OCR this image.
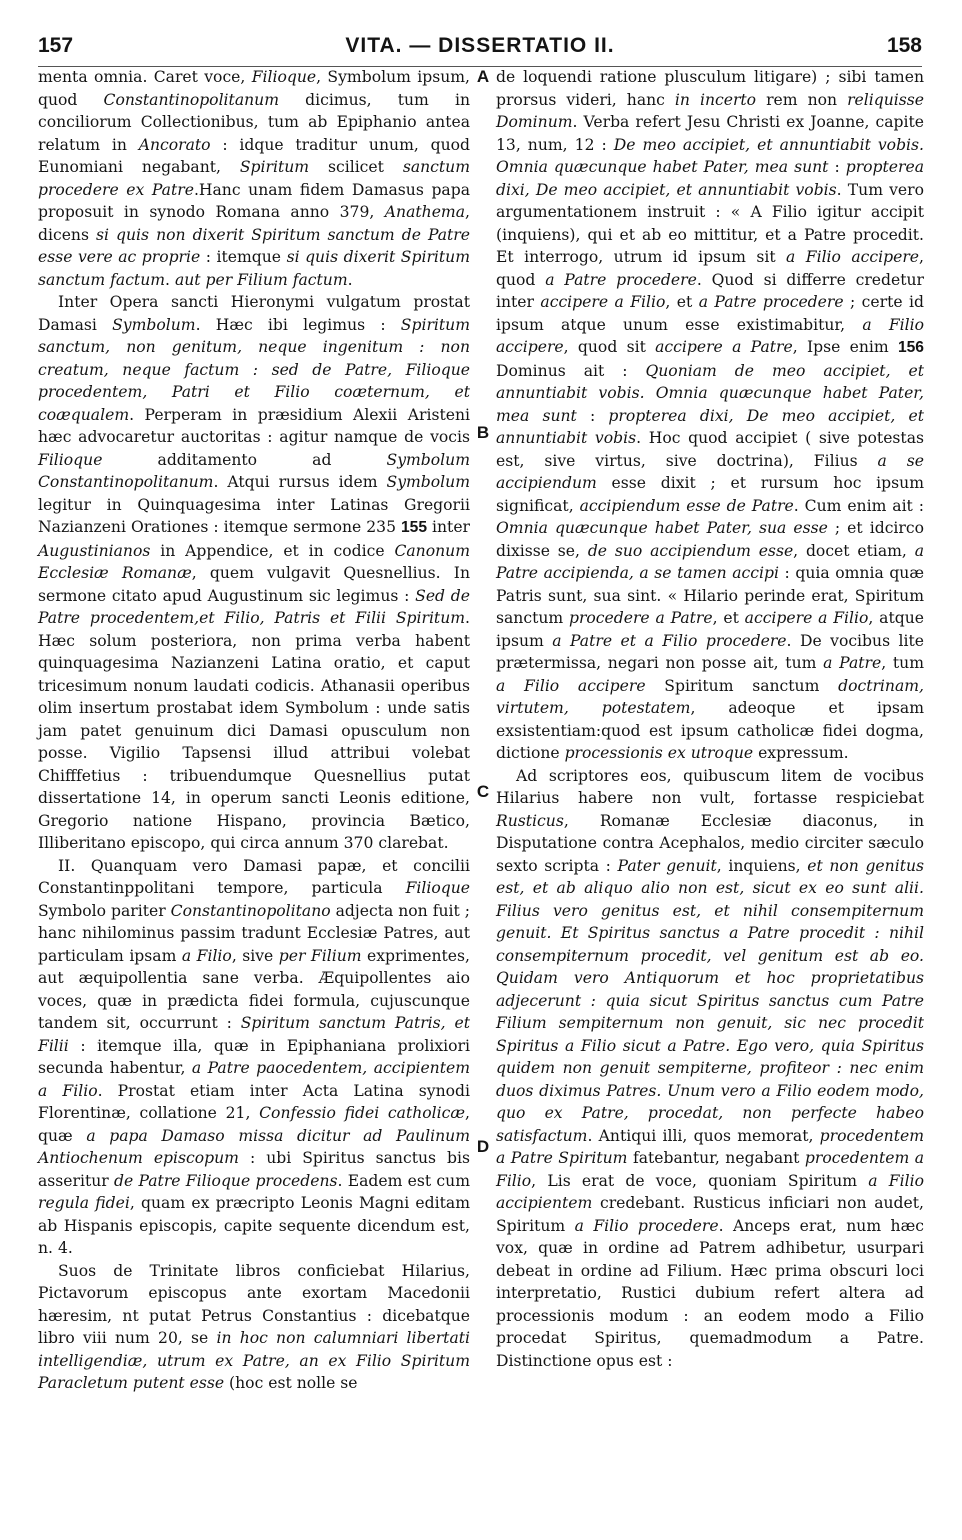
157	VITA. — DISSERTATIO II.	158

menta omnia. Caret voce, Filioque, Symbolum ipsum, quod Constantinopolitanum dicimus, tum in conciliorum Collectionibus, tum ab Epiphanio antea relatum in Ancorato : idque traditur unum, quod Eunomiani negabant, Spiritum scilicet sanctum procedere ex Patre.Hanc unam fidem Damasus papa proposuit in synodo Romana anno 379, Anathema, dicens si quis non dixerit Spiritum sanctum de Patre esse vere ac proprie : itemque si quis dixerit Spiritum sanctum factum. aut per Filium factum.

Inter Opera sancti Hieronymi vulgatum prostat Damasi Symbolum. Hæc ibi legimus : Spiritum sanctum, non genitum, neque ingenitum : non creatum, neque factum : sed de Patre, Filioque procedentem, Patri et Filio coæternum, et coæqualem. Perperam in præsidium Alexii Aristeni hæc advocaretur auctoritas : agitur namque de vocis Filioque additamento ad Symbolum Constantinopolitanum. Atqui rursus idem Symbolum legitur in Quinquagesima inter Latinas Gregorii Nazianzeni Orationes : itemque sermone 235 155 inter Augustinianos in Appendice, et in codice Canonum Ecclesiæ Romanæ, quem vulgavit Quesnellius. In sermone citato apud Augustinum sic legimus : Sed de Patre procedentem,et Filio, Patris et Filii Spiritum. Hæc solum posteriora, non prima verba habent quinquagesima Nazianzeni Latina oratio, et caput tricesimum nonum laudati codicis. Athanasii operibus olim insertum prostabat idem Symbolum : unde satis jam patet genuinum dici Damasi opusculum non posse. Vigilio Tapsensi illud attribui volebat Chifffetius : tribuendumque Quesnellius putat dissertatione 14, in operum sancti Leonis editione, Gregorio natione Hispano, provincia Bætico, Illiberitano episcopo, qui circa annum 370 clarebat.

II. Quanquam vero Damasi papæ, et concilii Constantinppolitani tempore, particula Filioque Symbolo pariter Constantinopolitano adjecta non fuit ; hanc nihilominus passim tradunt Ecclesiæ Patres, aut particulam ipsam a Filio, sive per Filium exprimentes, aut æquipollentia sane verba. Æquipollentes aio voces, quæ in prædicta fidei formula, cujuscunque tandem sit, occurrunt : Spiritum sanctum Patris, et Filii : itemque illa, quæ in Epiphaniana prolixiori secunda habentur, a Patre paocedentem, accipientem a Filio. Prostat etiam inter Acta Latina synodi Florentinæ, collatione 21, Confessio fidei catholicæ, quæ a papa Damaso missa dicitur ad Paulinum Antiochenum episcopum : ubi Spiritus sanctus bis asseritur de Patre Filioque procedens. Eadem est cum regula fidei, quam ex præcripto Leonis Magni editam ab Hispanis episcopis, capite sequente dicendum est, n. 4.

Suos de Trinitate libros conficiebat Hilarius, Pictavorum episcopus ante exortam Macedonii hæresim, nt putat Petrus Constantius : dicebatque libro viii num 20, se in hoc non calumniari libertati intelligendiæ, utrum ex Patre, an ex Filio Spiritum Paracletum putent esse (hoc est nolle se

de loquendi ratione plusculum litigare) ; sibi tamen prorsus videri, hanc in incerto rem non reliquisse Dominum. Verba refert Jesu Christi ex Joanne, capite 13, num, 12 : De meo accipiet, et annuntiabit vobis. Omnia quæcunque habet Pater, mea sunt : propterea dixi, De meo accipiet, et annuntiabit vobis. Tum vero argumentationem instruit : « A Filio igitur accipit (inquiens), qui et ab eo mittitur, et a Patre procedit. Et interrogo, utrum id ipsum sit a Filio accipere, quod a Patre procedere. Quod si differre credetur inter accipere a Filio, et a Patre procedere ; certe id ipsum atque unum esse existimabitur, a Filio accipere, quod sit accipere a Patre, Ipse enim 156 Dominus ait : Quoniam de meo accipiet, et annuntiabit vobis. Omnia quæcunque habet Pater, mea sunt : propterea dixi, De meo accipiet, et annuntiabit vobis. Hoc quod accipiet ( sive potestas est, sive virtus, sive doctrina), Filius a se accipiendum esse dixit ; et rursum hoc ipsum significat, accipiendum esse de Patre. Cum enim ait : Omnia quæcunque habet Pater, sua esse ; et idcirco dixisse se, de suo accipiendum esse, docet etiam, a Patre accipienda, a se tamen accipi : quia omnia quæ Patris sunt, sua sint. « Hilario perinde erat, Spiritum sanctum procedere a Patre, et accipere a Filio, atque ipsum a Patre et a Filio procedere. De vocibus lite prætermissa, negari non posse ait, tum a Patre, tum a Filio accipere Spiritum sanctum doctrinam, virtutem, potestatem, adeoque et ipsam exsistentiam:quod est ipsum catholicæ fidei dogma, dictione processionis ex utroque expressum.

Ad scriptores eos, quibuscum litem de vocibus Hilarius habere non vult, fortasse respiciebat Rusticus, Romanæ Ecclesiæ diaconus, in Disputatione contra Acephalos, medio circiter sæculo sexto scripta : Pater genuit, inquiens, et non genitus est, et ab aliquo alio non est, sicut ex eo sunt alii. Filius vero genitus est, et nihil consempiternum genuit. Et Spiritus sanctus a Patre procedit : nihil consempiternum procedit, vel genitum est ab eo. Quidam vero Antiquorum et hoc proprietatibus adjecerunt : quia sicut Spiritus sanctus cum Patre Filium sempiternum non genuit, sic nec procedit Spiritus a Filio sicut a Patre. Ego vero, quia Spiritus quidem non genuit sempiterne, profiteor : nec enim duos diximus Patres. Unum vero a Filio eodem modo, quo ex Patre, procedat, non perfecte habeo satisfactum. Antiqui illi, quos memorat, procedentem a Patre Spiritum fatebantur, negabant procedentem a Filio, Lis erat de voce, quoniam Spiritum a Filio accipientem credebant. Rusticus inficiari non audet, Spiritum a Filio procedere. Anceps erat, num hæc vox, quæ in ordine ad Patrem adhibetur, usurpari debeat in ordine ad Filium. Hæc prima obscuri loci interpretatio, Rustici dubium refert altera ad processionis modum : an eodem modo a Filio procedat Spiritus, quemadmodum a Patre. Distinctione opus est :

A
B
C
D
